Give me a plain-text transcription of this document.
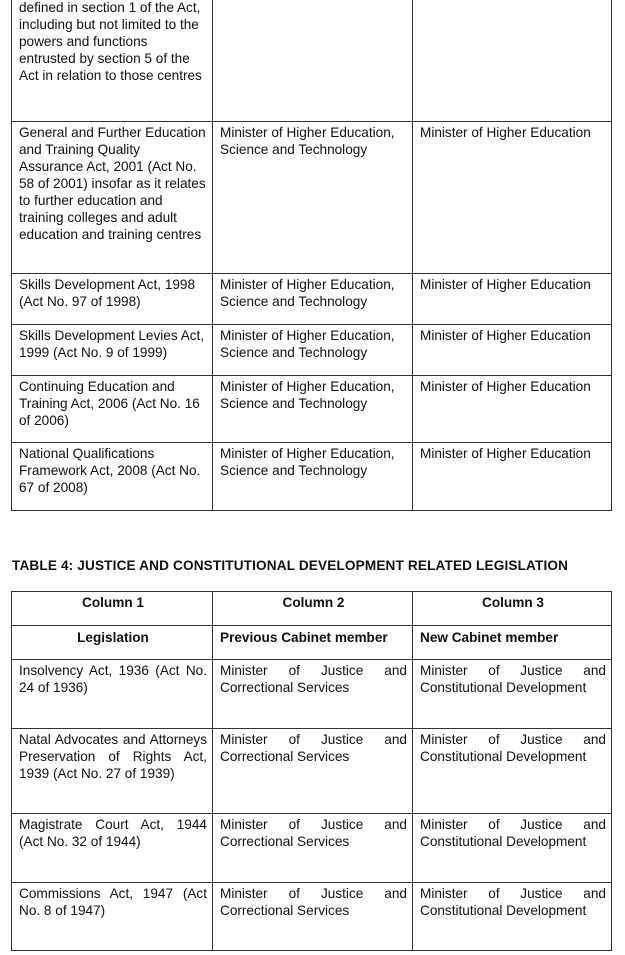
defined in section 1 of the Act, including but not limited to the powers and functions entrusted by section 5 of the Act in relation to those centres		
General and Further Education and Training Quality Assurance Act, 2001 (Act No. 58 of 2001) insofar as it relates to further education and training colleges and adult education and training centres	Minister of Higher Education, Science and Technology	Minister of Higher Education
Skills Development Act, 1998 (Act No. 97 of 1998)	Minister of Higher Education, Science and Technology	Minister of Higher Education
Skills Development Levies Act, 1999 (Act No. 9 of 1999)	Minister of Higher Education, Science and Technology	Minister of Higher Education
Continuing Education and Training Act, 2006 (Act No. 16 of 2006)	Minister of Higher Education, Science and Technology	Minister of Higher Education
National Qualifications Framework Act, 2008 (Act No. 67 of 2008)	Minister of Higher Education, Science and Technology	Minister of Higher Education
TABLE 4: JUSTICE AND CONSTITUTIONAL DEVELOPMENT RELATED LEGISLATION
Column 1	Column 2	Column 3
Legislation	Previous Cabinet member	New Cabinet member
Insolvency Act, 1936 (Act No. 24 of 1936)	Minister of Justice and Correctional Services	Minister of Justice and Constitutional Development
Natal Advocates and Attorneys Preservation of Rights Act, 1939 (Act No. 27 of 1939)	Minister of Justice and Correctional Services	Minister of Justice and Constitutional Development
Magistrate Court Act, 1944 (Act No. 32 of 1944)	Minister of Justice and Correctional Services	Minister of Justice and Constitutional Development
Commissions Act, 1947 (Act No. 8 of 1947)	Minister of Justice and Correctional Services	Minister of Justice and Constitutional Development
